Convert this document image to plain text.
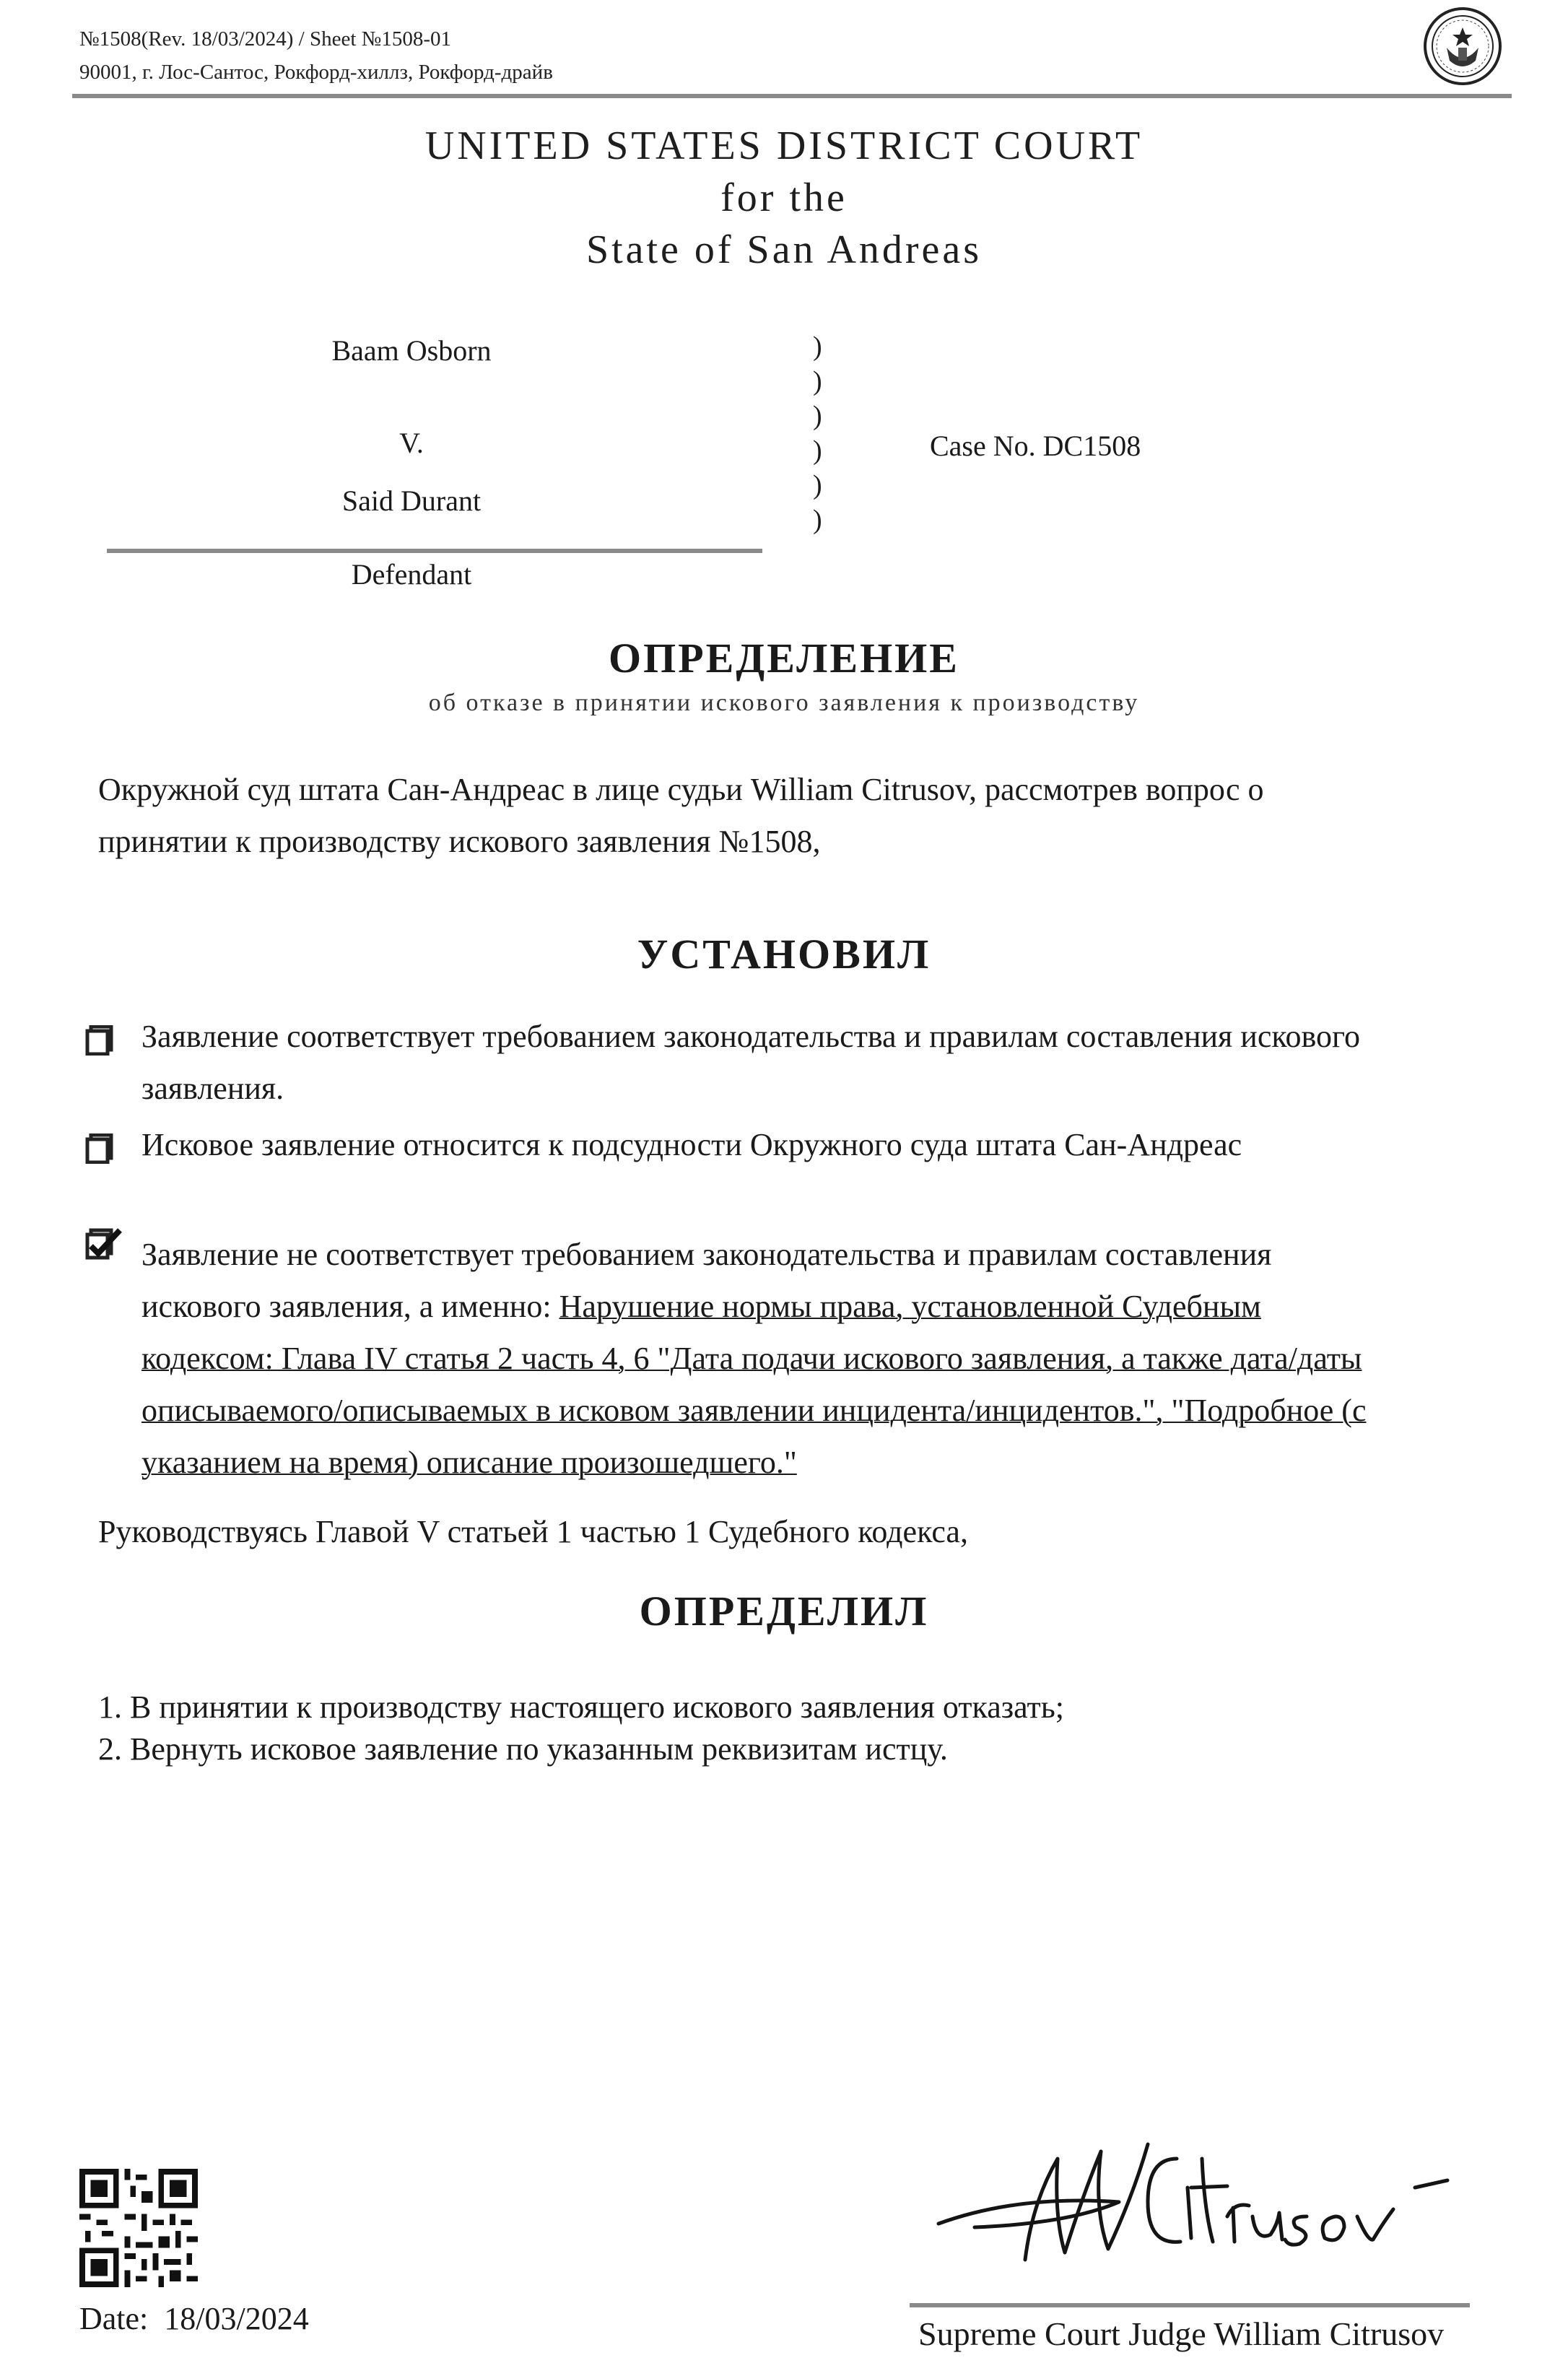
№1508(Rev. 18/03/2024) / Sheet №1508-01
90001, г. Лос-Сантос, Рокфорд-хиллз, Рокфорд-драйв
UNITED STATES DISTRICT COURT
for the
State of San Andreas
Baam Osborn
V.
Said Durant
Defendant
)
)
)
)
)
)
Case No. DC1508
ОПРЕДЕЛЕНИЕ
об отказе в принятии искового заявления к производству
Окружной суд штата Сан-Андреас в лице судьи William Citrusov, рассмотрев вопрос о
принятии к производству искового заявления №1508,
УСТАНОВИЛ
Заявление соответствует требованием законодательства и правилам составления искового
заявления.
Исковое заявление относится к подсудности Окружного суда штата Сан-Андреас
Заявление не соответствует требованием законодательства и правилам составления
искового заявления, а именно: Нарушение нормы права, установленной Судебным
кодексом: Глава IV статья 2 часть 4, 6 "Дата подачи искового заявления, а также дата/даты
описываемого/описываемых в исковом заявлении инцидента/инцидентов.", "Подробное (с
указанием на время) описание произошедшего."
Руководствуясь Главой V статьей 1 частью 1 Судебного кодекса,
ОПРЕДЕЛИЛ
1. В принятии к производству настоящего искового заявления отказать;
2. Вернуть исковое заявление по указанным реквизитам истцу.
Date: 18/03/2024	Supreme Court Judge William Citrusov
